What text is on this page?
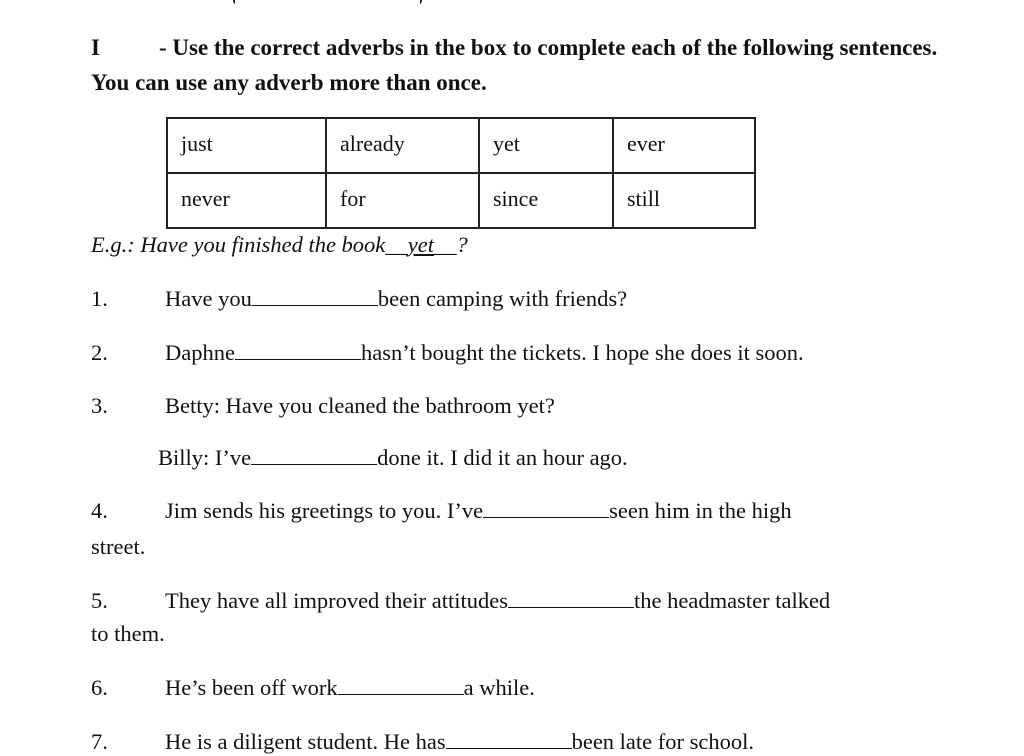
I	- Use the correct adverbs in the box to complete each of the following sentences. You can use any adverb more than once.
just	already	yet	ever
never	for	since	still
E.g.: Have you finished the book__yet__?
1.	Have you	been camping with friends?
2.	Daphne	hasn’t bought the tickets. I hope she does it soon.
3.	Betty: Have you cleaned the bathroom yet?
Billy: I’ve	done it. I did it an hour ago.
4.	Jim sends his greetings to you. I’ve	seen him in the high
street.
5.	They have all improved their attitudes	the headmaster talked
to them.
6.	He’s been off work	a while.
7.	He is a diligent student. He has	been late for school.
